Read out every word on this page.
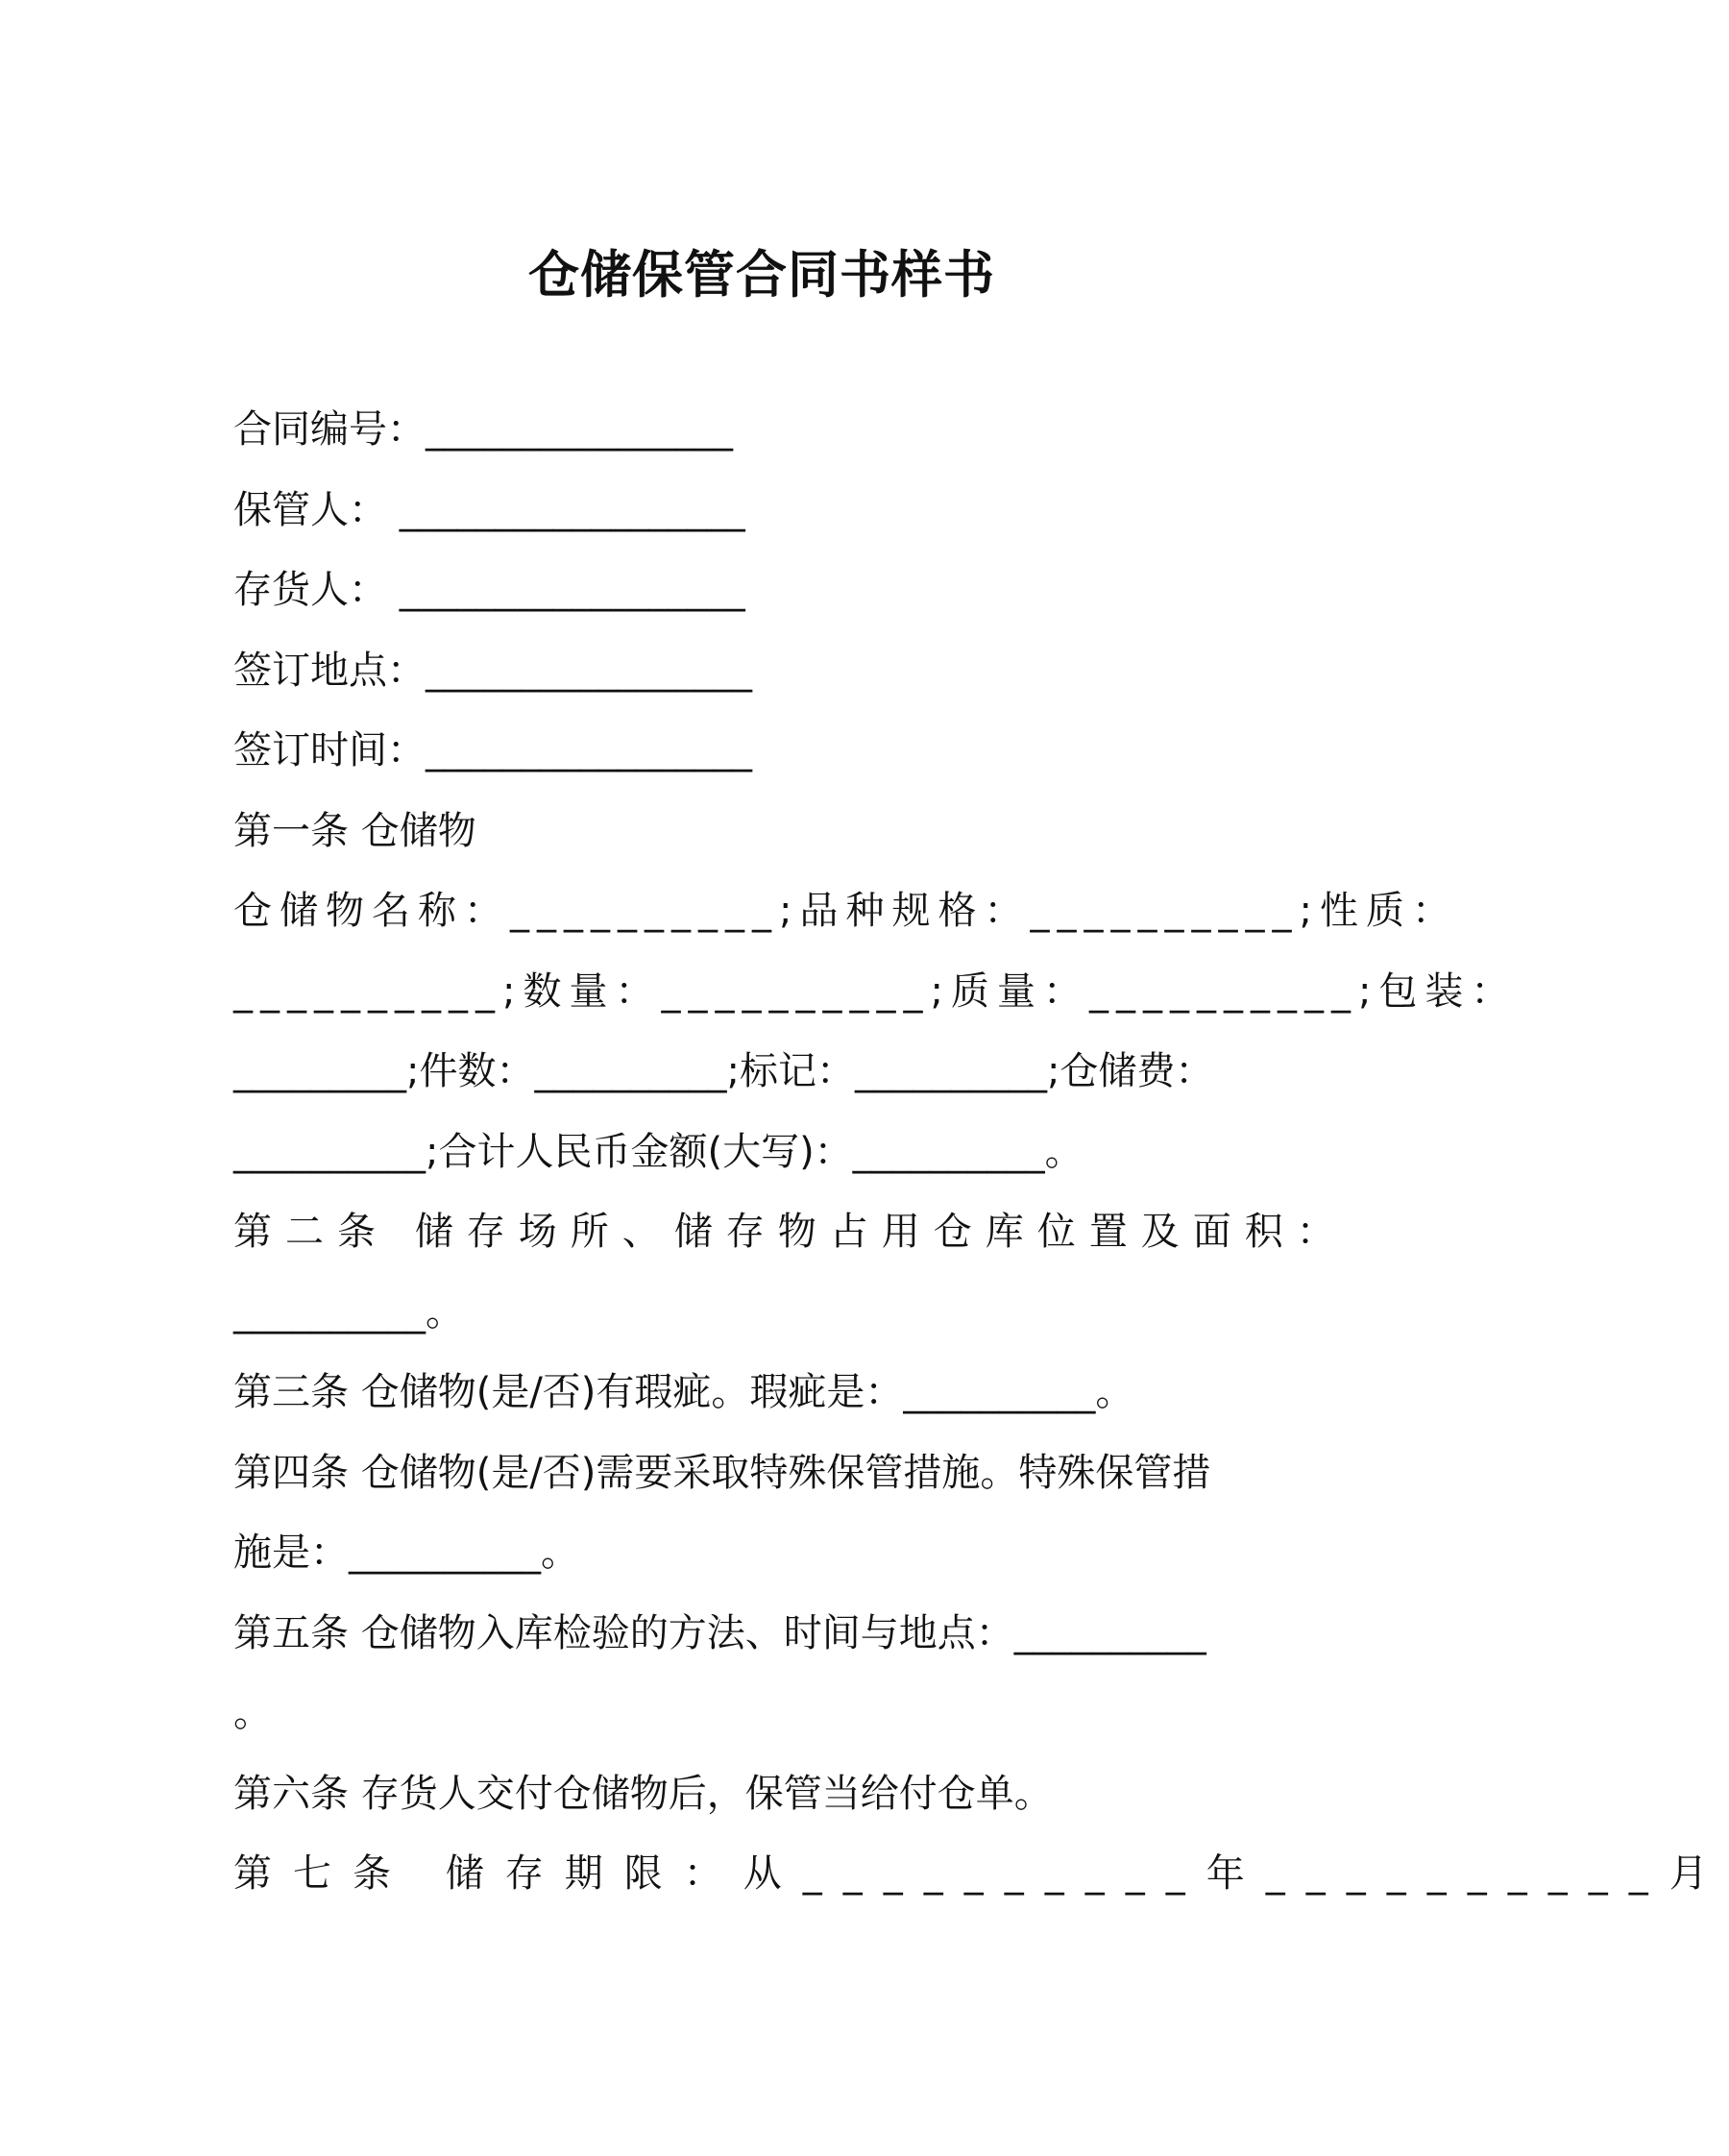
仓储保管合同书样书
合同编号：________________
保管人： __________________
存货人： __________________
签订地点：_________________
签订时间：_________________
第一条 仓储物
仓储物名称：__________;品种规格：__________;性质：
__________;数量：__________;质量：__________;包装：
_________;件数：__________;标记：__________;仓储费：
__________;合计人民币金额(大写)：__________。
第二条 储存场所、储存物占用仓库位置及面积：
__________。
第三条 仓储物(是/否)有瑕疵。瑕疵是：__________。
第四条 仓储物(是/否)需要采取特殊保管措施。特殊保管措
施是：__________。
第五条 仓储物入库检验的方法、时间与地点：__________
。
第六条 存货人交付仓储物后，保管当给付仓单。
第七条 储存期限：从__________年__________月
